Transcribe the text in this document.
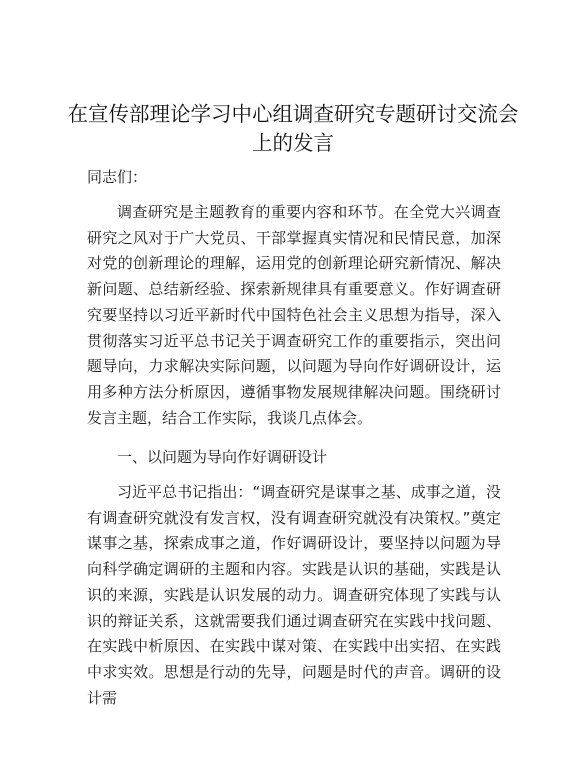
在宣传部理论学习中心组调查研究专题研讨交流会上的发言

同志们：

调查研究是主题教育的重要内容和环节。在全党大兴调查研究之风对于广大党员、干部掌握真实情况和民情民意，加深对党的创新理论的理解，运用党的创新理论研究新情况、解决新问题、总结新经验、探索新规律具有重要意义。作好调查研究要坚持以习近平新时代中国特色社会主义思想为指导，深入贯彻落实习近平总书记关于调查研究工作的重要指示，突出问题导向，力求解决实际问题，以问题为导向作好调研设计，运用多种方法分析原因，遵循事物发展规律解决问题。围绕研讨发言主题，结合工作实际，我谈几点体会。

一、以问题为导向作好调研设计

习近平总书记指出：“调查研究是谋事之基、成事之道，没有调查研究就没有发言权，没有调查研究就没有决策权。”奠定谋事之基，探索成事之道，作好调研设计，要坚持以问题为导向科学确定调研的主题和内容。实践是认识的基础，实践是认识的来源，实践是认识发展的动力。调查研究体现了实践与认识的辩证关系，这就需要我们通过调查研究在实践中找问题、在实践中析原因、在实践中谋对策、在实践中出实招、在实践中求实效。思想是行动的先导，问题是时代的声音。调研的设计需
